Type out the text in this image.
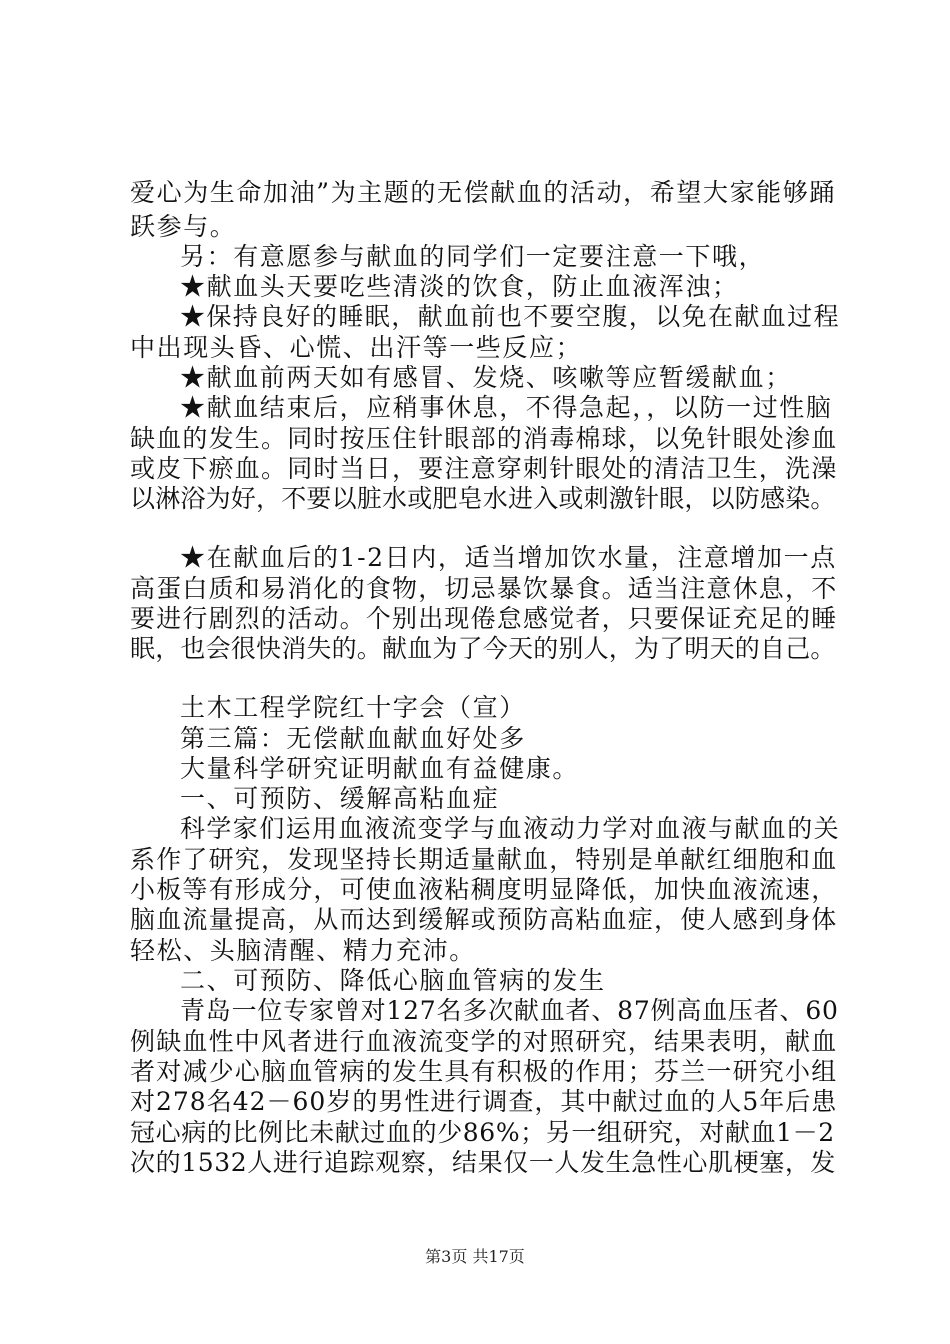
爱心为生命加油”为主题的无偿献血的活动，希望大家能够踊

跃参与。

另：有意愿参与献血的同学们一定要注意一下哦，

★献血头天要吃些清淡的饮食，防止血液浑浊；

★保持良好的睡眠，献血前也不要空腹，以免在献血过程

中出现头昏、心慌、出汗等一些反应；

★献血前两天如有感冒、发烧、咳嗽等应暂缓献血；

★献血结束后，应稍事休息，不得急起，，以防一过性脑

缺血的发生。同时按压住针眼部的消毒棉球，以免针眼处渗血

或皮下瘀血。同时当日，要注意穿刺针眼处的清洁卫生，洗澡

以淋浴为好，不要以脏水或肥皂水进入或刺激针眼，以防感染。

★在献血后的1-2日内，适当增加饮水量，注意增加一点

高蛋白质和易消化的食物，切忌暴饮暴食。适当注意休息，不

要进行剧烈的活动。个别出现倦怠感觉者，只要保证充足的睡

眠，也会很快消失的。献血为了今天的别人，为了明天的自己。

土木工程学院红十字会（宣）

第三篇：无偿献血献血好处多

大量科学研究证明献血有益健康。

一、可预防、缓解高粘血症

科学家们运用血液流变学与血液动力学对血液与献血的关

系作了研究，发现坚持长期适量献血，特别是单献红细胞和血

小板等有形成分，可使血液粘稠度明显降低，加快血液流速，

脑血流量提高，从而达到缓解或预防高粘血症，使人感到身体

轻松、头脑清醒、精力充沛。

二、可预防、降低心脑血管病的发生

青岛一位专家曾对127名多次献血者、87例高血压者、60

例缺血性中风者进行血液流变学的对照研究，结果表明，献血

者对减少心脑血管病的发生具有积极的作用；芬兰一研究小组

对278名42－60岁的男性进行调查，其中献过血的人5年后患

冠心病的比例比未献过血的少86%；另一组研究，对献血1－2

次的1532人进行追踪观察，结果仅一人发生急性心肌梗塞，发

第3页 共17页
